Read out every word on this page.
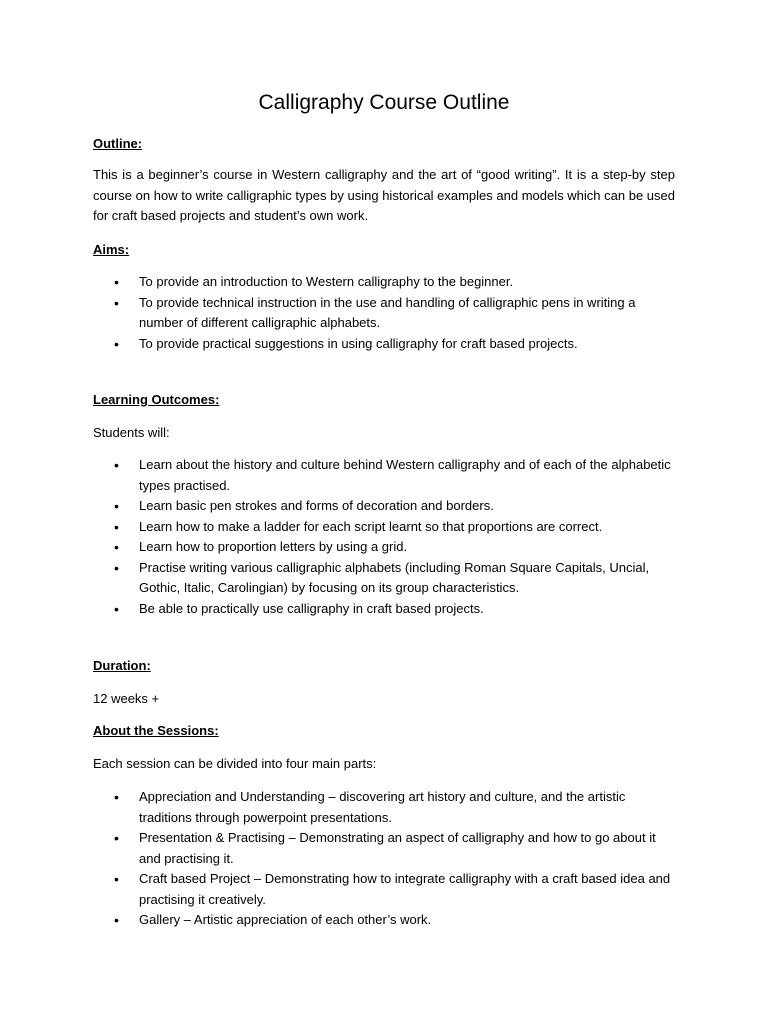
Calligraphy Course Outline
Outline:
This is a beginner’s course in Western calligraphy and the art of “good writing”. It is a step-by step course on how to write calligraphic types by using historical examples and models which can be used for craft based projects and student’s own work.
Aims:
• To provide an introduction to Western calligraphy to the beginner.
• To provide technical instruction in the use and handling of calligraphic pens in writing a number of different calligraphic alphabets.
• To provide practical suggestions in using calligraphy for craft based projects.
Learning Outcomes:
Students will:
• Learn about the history and culture behind Western calligraphy and of each of the alphabetic types practised.
• Learn basic pen strokes and forms of decoration and borders.
• Learn how to make a ladder for each script learnt so that proportions are correct.
• Learn how to proportion letters by using a grid.
• Practise writing various calligraphic alphabets (including Roman Square Capitals, Uncial, Gothic, Italic, Carolingian) by focusing on its group characteristics.
• Be able to practically use calligraphy in craft based projects.
Duration:
12 weeks +
About the Sessions:
Each session can be divided into four main parts:
• Appreciation and Understanding – discovering art history and culture, and the artistic traditions through powerpoint presentations.
• Presentation & Practising – Demonstrating an aspect of calligraphy and how to go about it and practising it.
• Craft based Project – Demonstrating how to integrate calligraphy with a craft based idea and practising it creatively.
• Gallery – Artistic appreciation of each other’s work.
